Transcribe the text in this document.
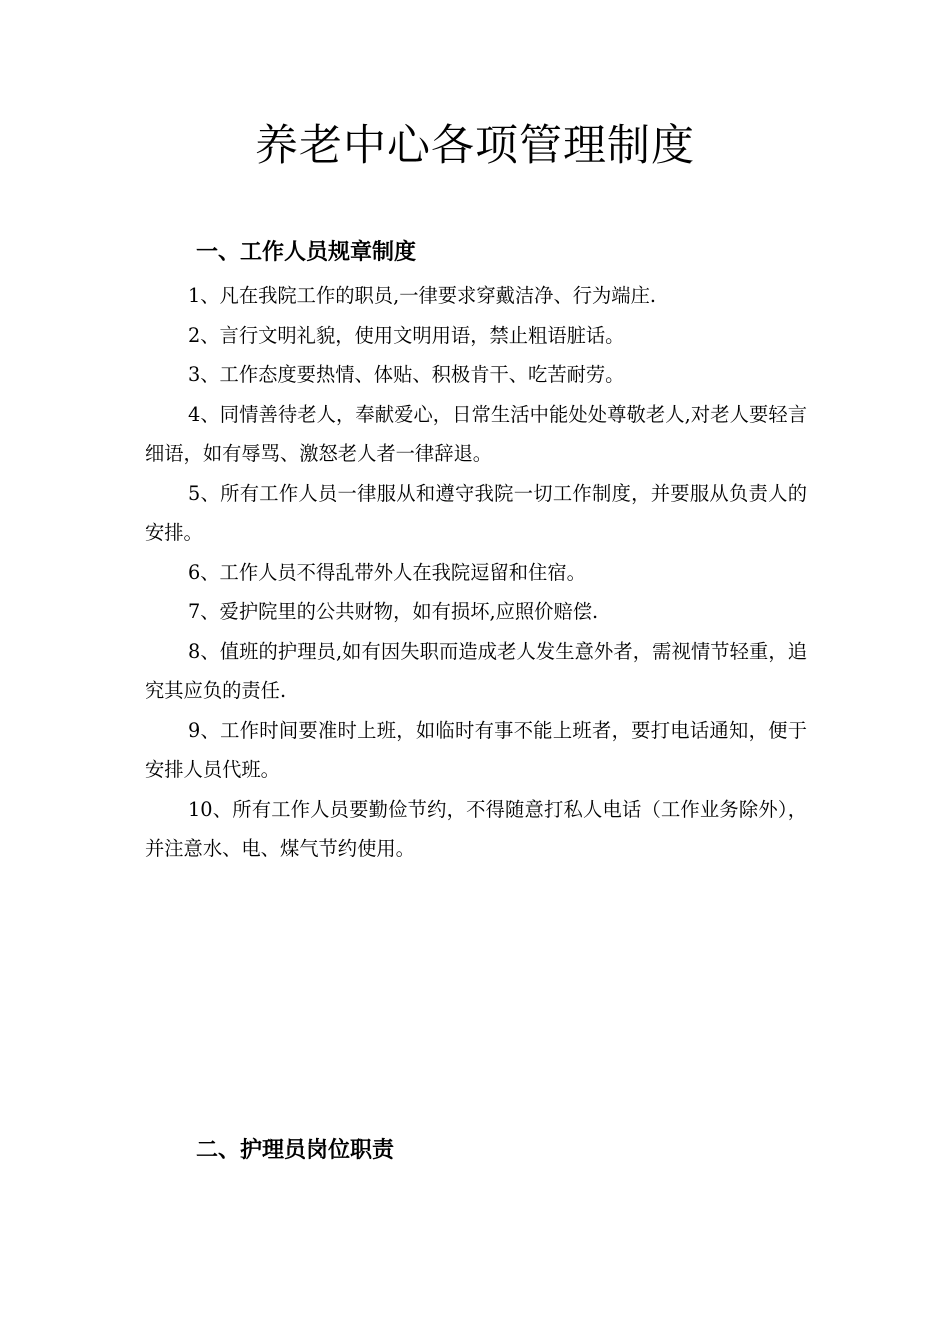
养老中心各项管理制度
一、工作人员规章制度
1、凡在我院工作的职员,一律要求穿戴洁净、行为端庄.
2、言行文明礼貌，使用文明用语，禁止粗语脏话。
3、工作态度要热情、体贴、积极肯干、吃苦耐劳。
4、同情善待老人，奉献爱心，日常生活中能处处尊敬老人,对老人要轻言细语，如有辱骂、激怒老人者一律辞退。
5、所有工作人员一律服从和遵守我院一切工作制度，并要服从负责人的安排。
6、工作人员不得乱带外人在我院逗留和住宿。
7、爱护院里的公共财物，如有损坏,应照价赔偿.
8、值班的护理员,如有因失职而造成老人发生意外者，需视情节轻重，追究其应负的责任.
9、工作时间要准时上班，如临时有事不能上班者，要打电话通知，便于安排人员代班。
10、所有工作人员要勤俭节约，不得随意打私人电话（工作业务除外），并注意水、电、煤气节约使用。
二、护理员岗位职责
